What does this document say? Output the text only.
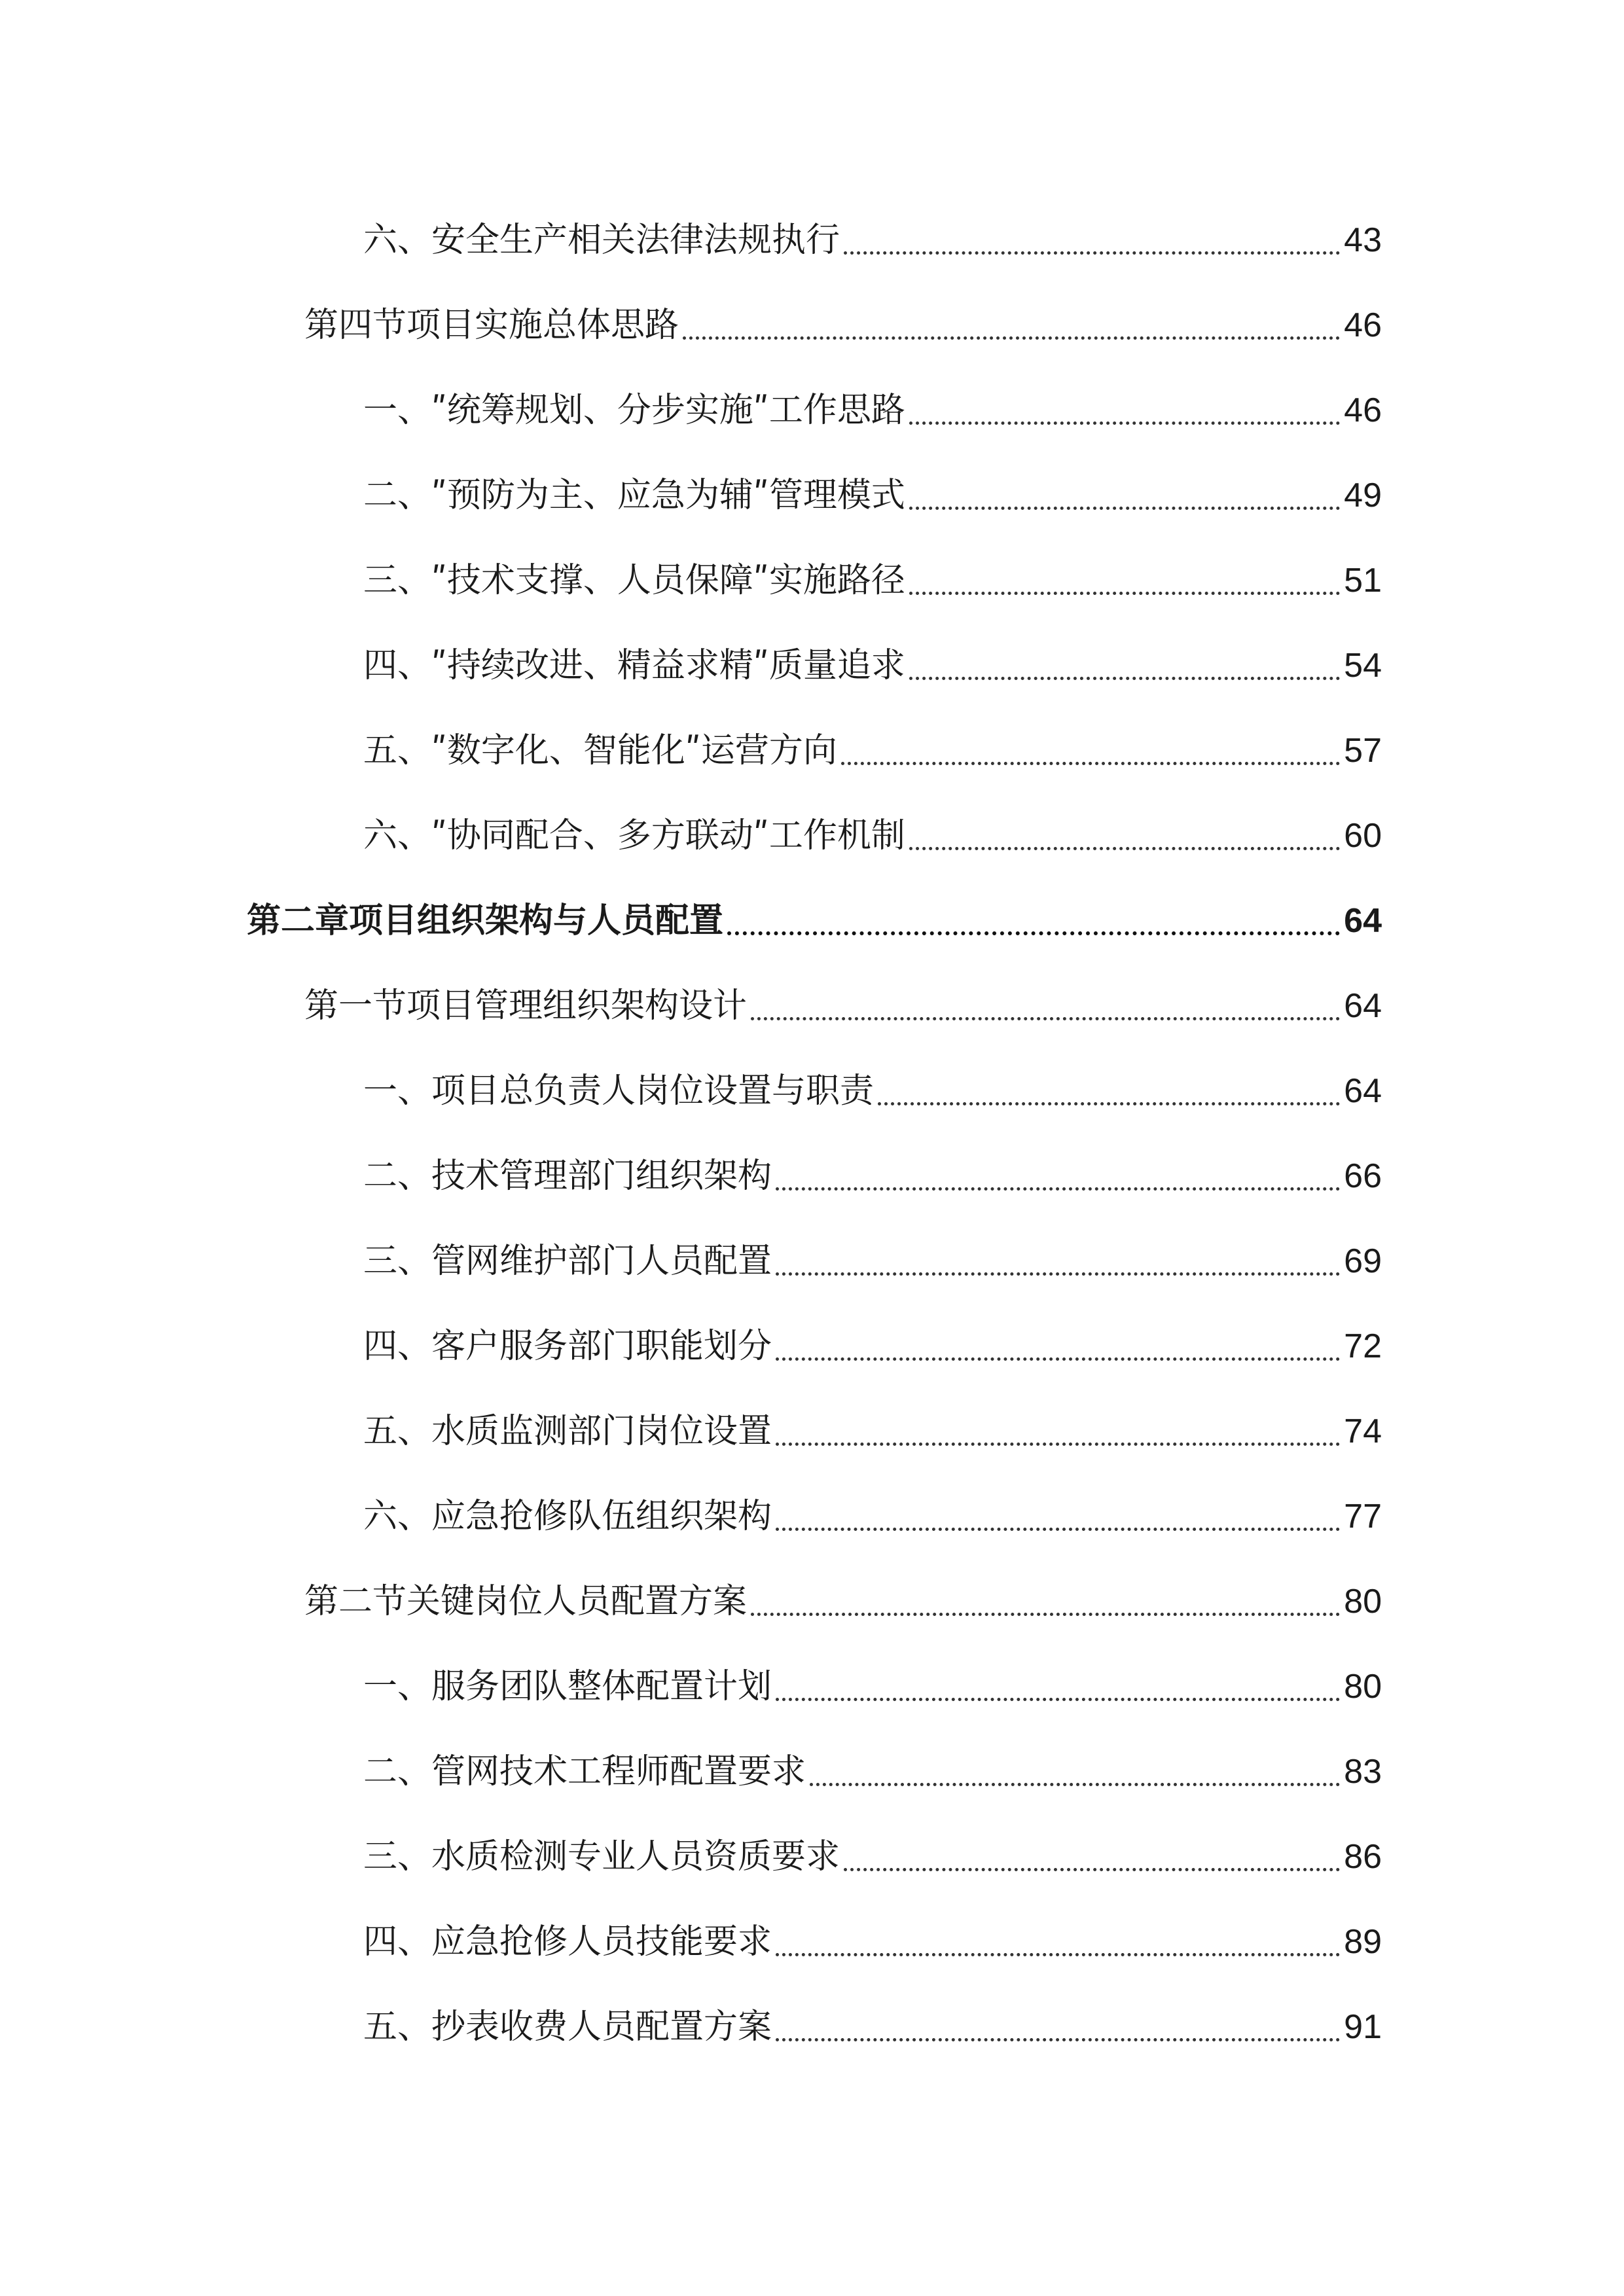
六、安全生产相关法律法规执行	43
第四节项目实施总体思路	46
一、ʺ统筹规划、分步实施ʺ工作思路	46
二、ʺ预防为主、应急为辅ʺ管理模式	49
三、ʺ技术支撑、人员保障ʺ实施路径	51
四、ʺ持续改进、精益求精ʺ质量追求	54
五、ʺ数字化、智能化ʺ运营方向	57
六、ʺ协同配合、多方联动ʺ工作机制	60
第二章项目组织架构与人员配置	64
第一节项目管理组织架构设计	64
一、项目总负责人岗位设置与职责	64
二、技术管理部门组织架构	66
三、管网维护部门人员配置	69
四、客户服务部门职能划分	72
五、水质监测部门岗位设置	74
六、应急抢修队伍组织架构	77
第二节关键岗位人员配置方案	80
一、服务团队整体配置计划	80
二、管网技术工程师配置要求	83
三、水质检测专业人员资质要求	86
四、应急抢修人员技能要求	89
五、抄表收费人员配置方案	91
